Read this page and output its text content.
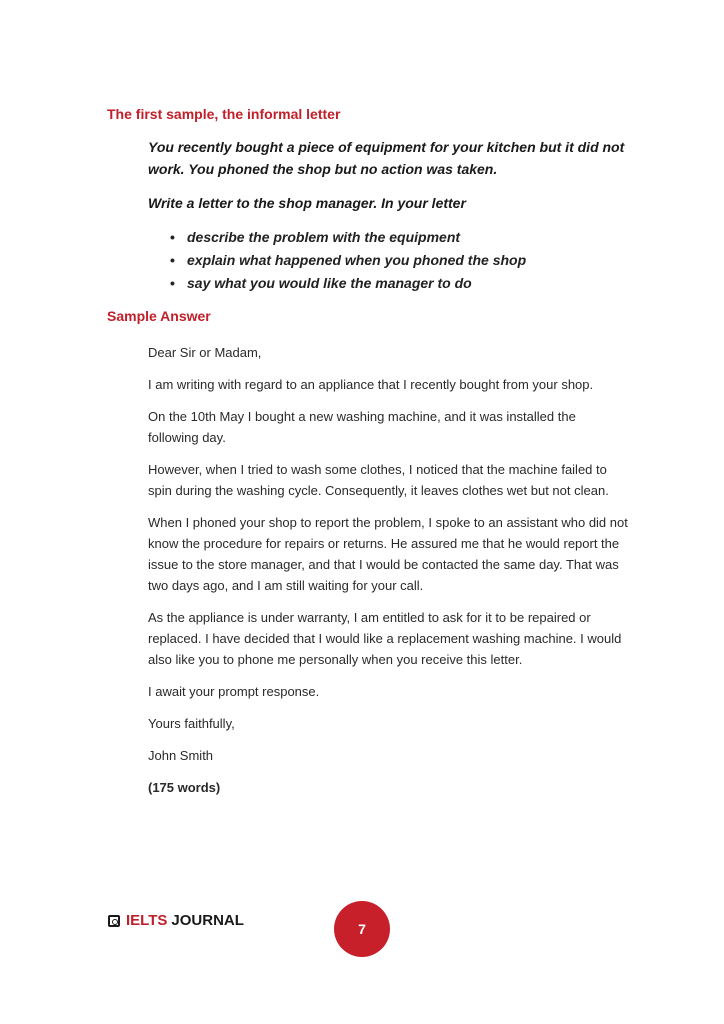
The first sample, the informal letter

You recently bought a piece of equipment for your kitchen but it did not work. You phoned the shop but no action was taken.

Write a letter to the shop manager. In your letter

• describe the problem with the equipment
• explain what happened when you phoned the shop
• say what you would like the manager to do
Sample Answer

Dear Sir or Madam,

I am writing with regard to an appliance that I recently bought from your shop.

On the 10th May I bought a new washing machine, and it was installed the following day.

However, when I tried to wash some clothes, I noticed that the machine failed to spin during the washing cycle. Consequently, it leaves clothes wet but not clean.

When I phoned your shop to report the problem, I spoke to an assistant who did not know the procedure for repairs or returns. He assured me that he would report the issue to the store manager, and that I would be contacted the same day. That was two days ago, and I am still waiting for your call.

As the appliance is under warranty, I am entitled to ask for it to be repaired or replaced. I have decided that I would like a replacement washing machine. I would also like you to phone me personally when you receive this letter.

I await your prompt response.

Yours faithfully,

John Smith

(175 words)

IELTS JOURNAL	7
